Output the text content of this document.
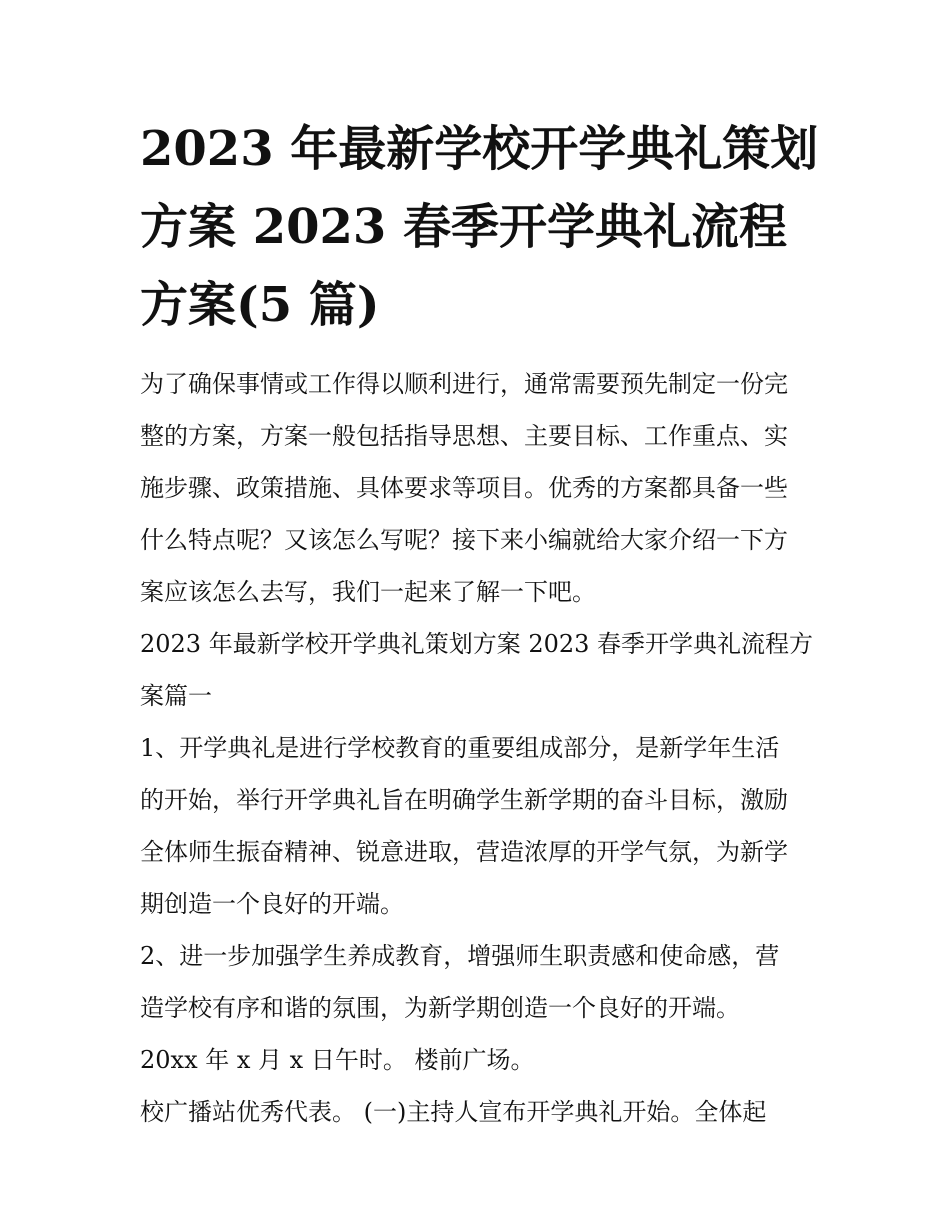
2023 年最新学校开学典礼策划
方案 2023 春季开学典礼流程
方案(5 篇)

为了确保事情或工作得以顺利进行，通常需要预先制定一份完
整的方案，方案一般包括指导思想、主要目标、工作重点、实
施步骤、政策措施、具体要求等项目。优秀的方案都具备一些
什么特点呢？又该怎么写呢？接下来小编就给大家介绍一下方
案应该怎么去写，我们一起来了解一下吧。

2023 年最新学校开学典礼策划方案 2023 春季开学典礼流程方
案篇一

1、开学典礼是进行学校教育的重要组成部分，是新学年生活
的开始，举行开学典礼旨在明确学生新学期的奋斗目标，激励
全体师生振奋精神、锐意进取，营造浓厚的开学气氛，为新学
期创造一个良好的开端。

2、进一步加强学生养成教育，增强师生职责感和使命感，营
造学校有序和谐的氛围，为新学期创造一个良好的开端。

20xx 年 x 月 x 日午时。 楼前广场。

校广播站优秀代表。 (一)主持人宣布开学典礼开始。全体起
